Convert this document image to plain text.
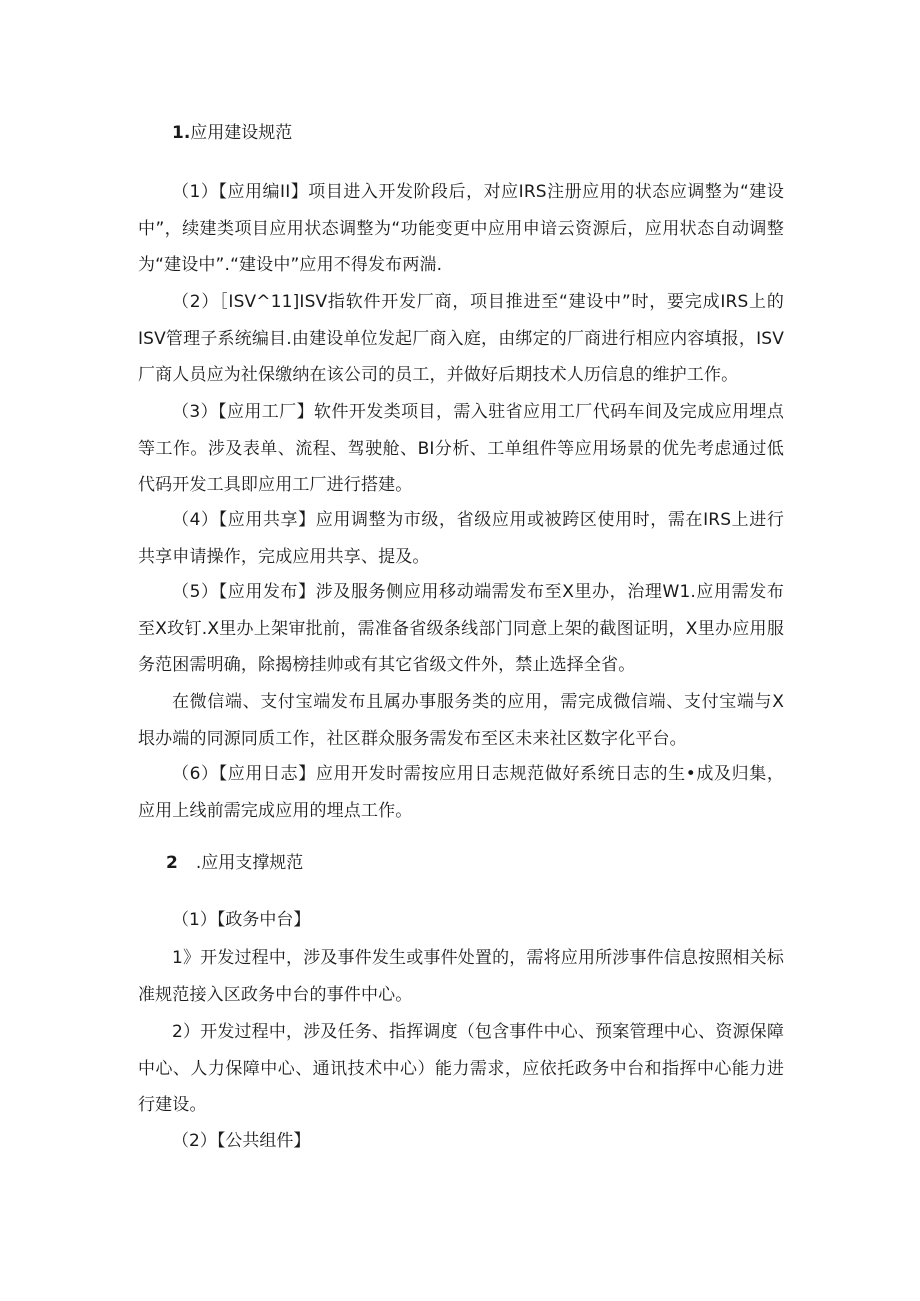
1.应用建设规范
（1）【应用编II】项目进入开发阶段后，对应IRS注册应用的状态应调整为“建设中”，续建类项目应用状态调整为“功能变更中应用申谙云资源后，应用状态自动调整为“建设中”.“建设中”应用不得发布两湍.
（2）［ISV^11]ISV指软件开发厂商，项目推进至“建设中”时，要完成IRS上的ISV管理子系统编目.由建设单位发起厂商入庭，由绑定的厂商进行相应内容填报，ISV厂商人员应为社保缴纳在该公司的员工，并做好后期技术人历信息的维护工作。
（3）【应用工厂】软件开发类项目，需入驻省应用工厂代码车间及完成应用埋点等工作。涉及表单、流程、驾驶舱、BI分析、工单组件等应用场景的优先考虑通过低代码开发工具即应用工厂进行搭建。
（4）【应用共享】应用调整为市级，省级应用或被跨区使用时，需在IRS上进行共享申请操作，完成应用共享、提及。
（5）【应用发布】涉及服务侧应用移动端需发布至X里办，治理W1.应用需发布至X玫钉.X里办上架审批前，需准备省级条线部门同意上架的截图证明，X里办应用服务范困需明确，除揭榜挂帅或有其它省级文件外，禁止选择全省。
在微信端、支付宝端发布且属办事服务类的应用，需完成微信端、支付宝端与X垠办端的同源同质工作，社区群众服务需发布至区未来社区数字化平台。
（6）【应用日志】应用开发时需按应用日志规范做好系统日志的生•成及归集，应用上线前需完成应用的埋点工作。
2 .应用支撑规范
（1）【政务中台】
1》开发过程中，涉及事件发生或事件处置的，需将应用所涉事件信息按照相关标准规范接入区政务中台的事件中心。
2）开发过程中，涉及任务、指挥调度（包含事件中心、预案管理中心、资源保障中心、人力保障中心、通讯技术中心）能力需求，应依托政务中台和指挥中心能力进行建设。
（2）【公共组件】
